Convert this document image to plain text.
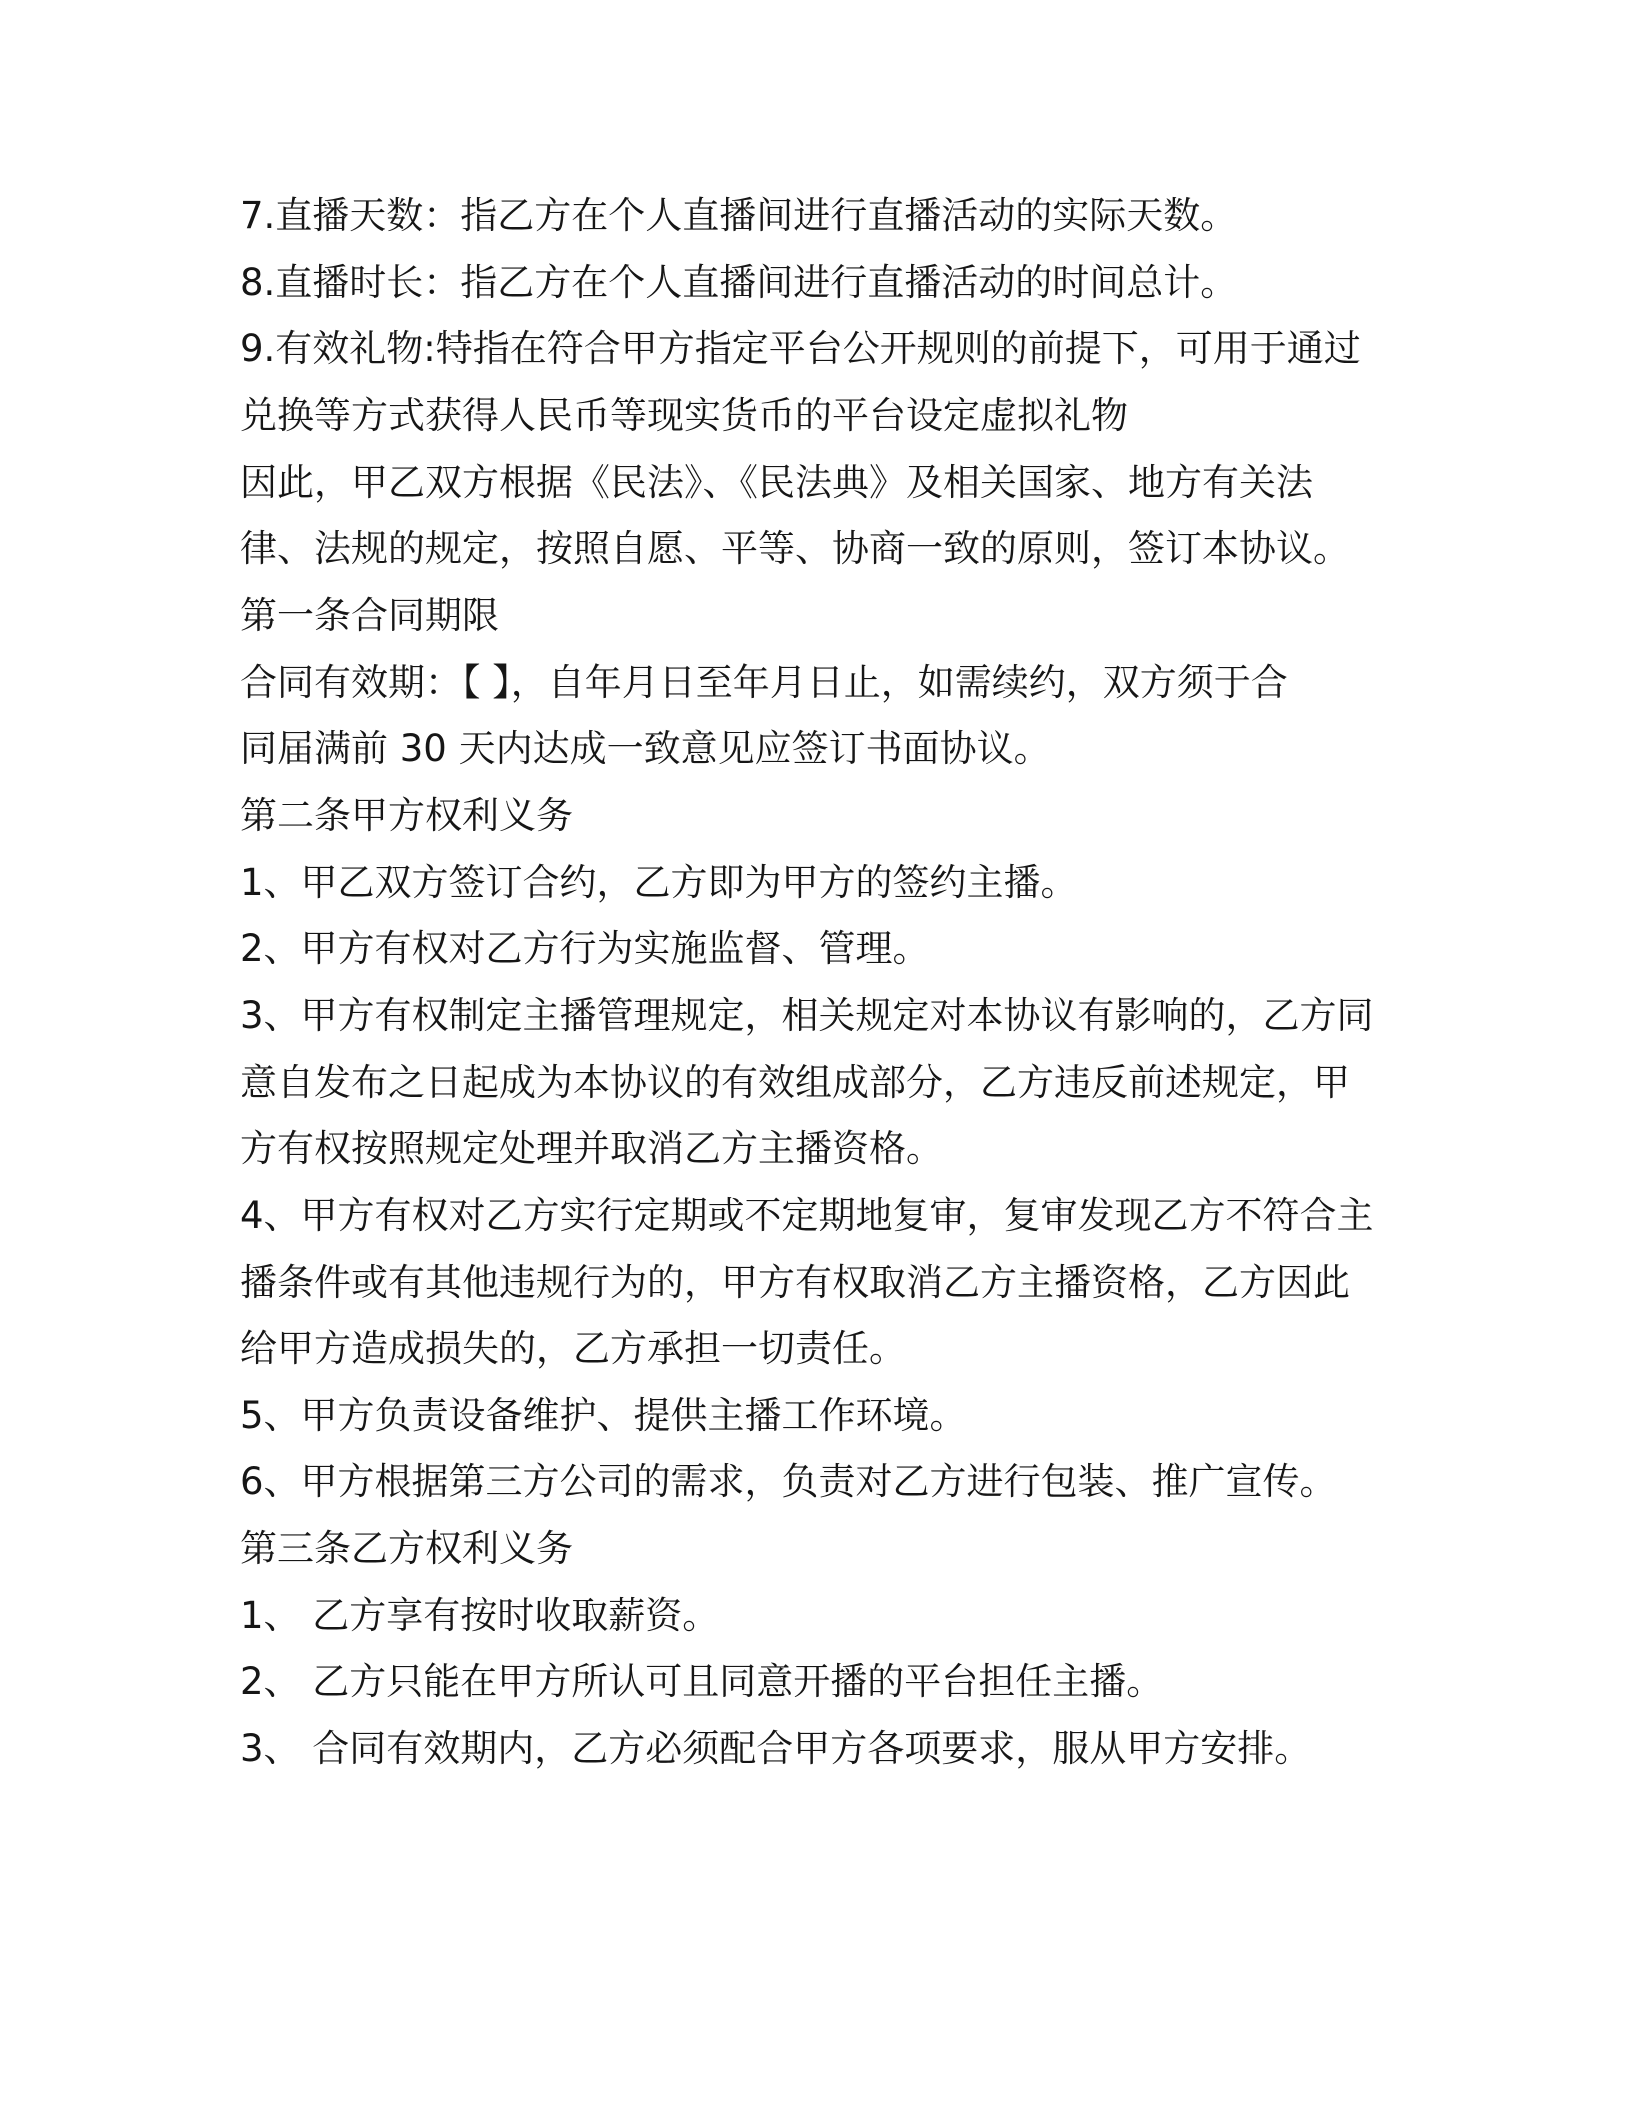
7.直播天数：指乙方在个人直播间进行直播活动的实际天数。
8.直播时长：指乙方在个人直播间进行直播活动的时间总计。
9.有效礼物:特指在符合甲方指定平台公开规则的前提下，可用于通过
兑换等方式获得人民币等现实货币的平台设定虚拟礼物
因此，甲乙双方根据《民法》、《民法典》及相关国家、地方有关法
律、法规的规定，按照自愿、平等、协商一致的原则，签订本协议。
第一条合同期限
合同有效期：【 】，自年月日至年月日止，如需续约，双方须于合
同届满前 30 天内达成一致意见应签订书面协议。
第二条甲方权利义务
1、甲乙双方签订合约，乙方即为甲方的签约主播。
2、甲方有权对乙方行为实施监督、管理。
3、甲方有权制定主播管理规定，相关规定对本协议有影响的，乙方同
意自发布之日起成为本协议的有效组成部分，乙方违反前述规定，甲
方有权按照规定处理并取消乙方主播资格。
4、甲方有权对乙方实行定期或不定期地复审，复审发现乙方不符合主
播条件或有其他违规行为的，甲方有权取消乙方主播资格，乙方因此
给甲方造成损失的，乙方承担一切责任。
5、甲方负责设备维护、提供主播工作环境。
6、甲方根据第三方公司的需求，负责对乙方进行包装、推广宣传。
第三条乙方权利义务
1、 乙方享有按时收取薪资。
2、 乙方只能在甲方所认可且同意开播的平台担任主播。
3、 合同有效期内，乙方必须配合甲方各项要求，服从甲方安排。
